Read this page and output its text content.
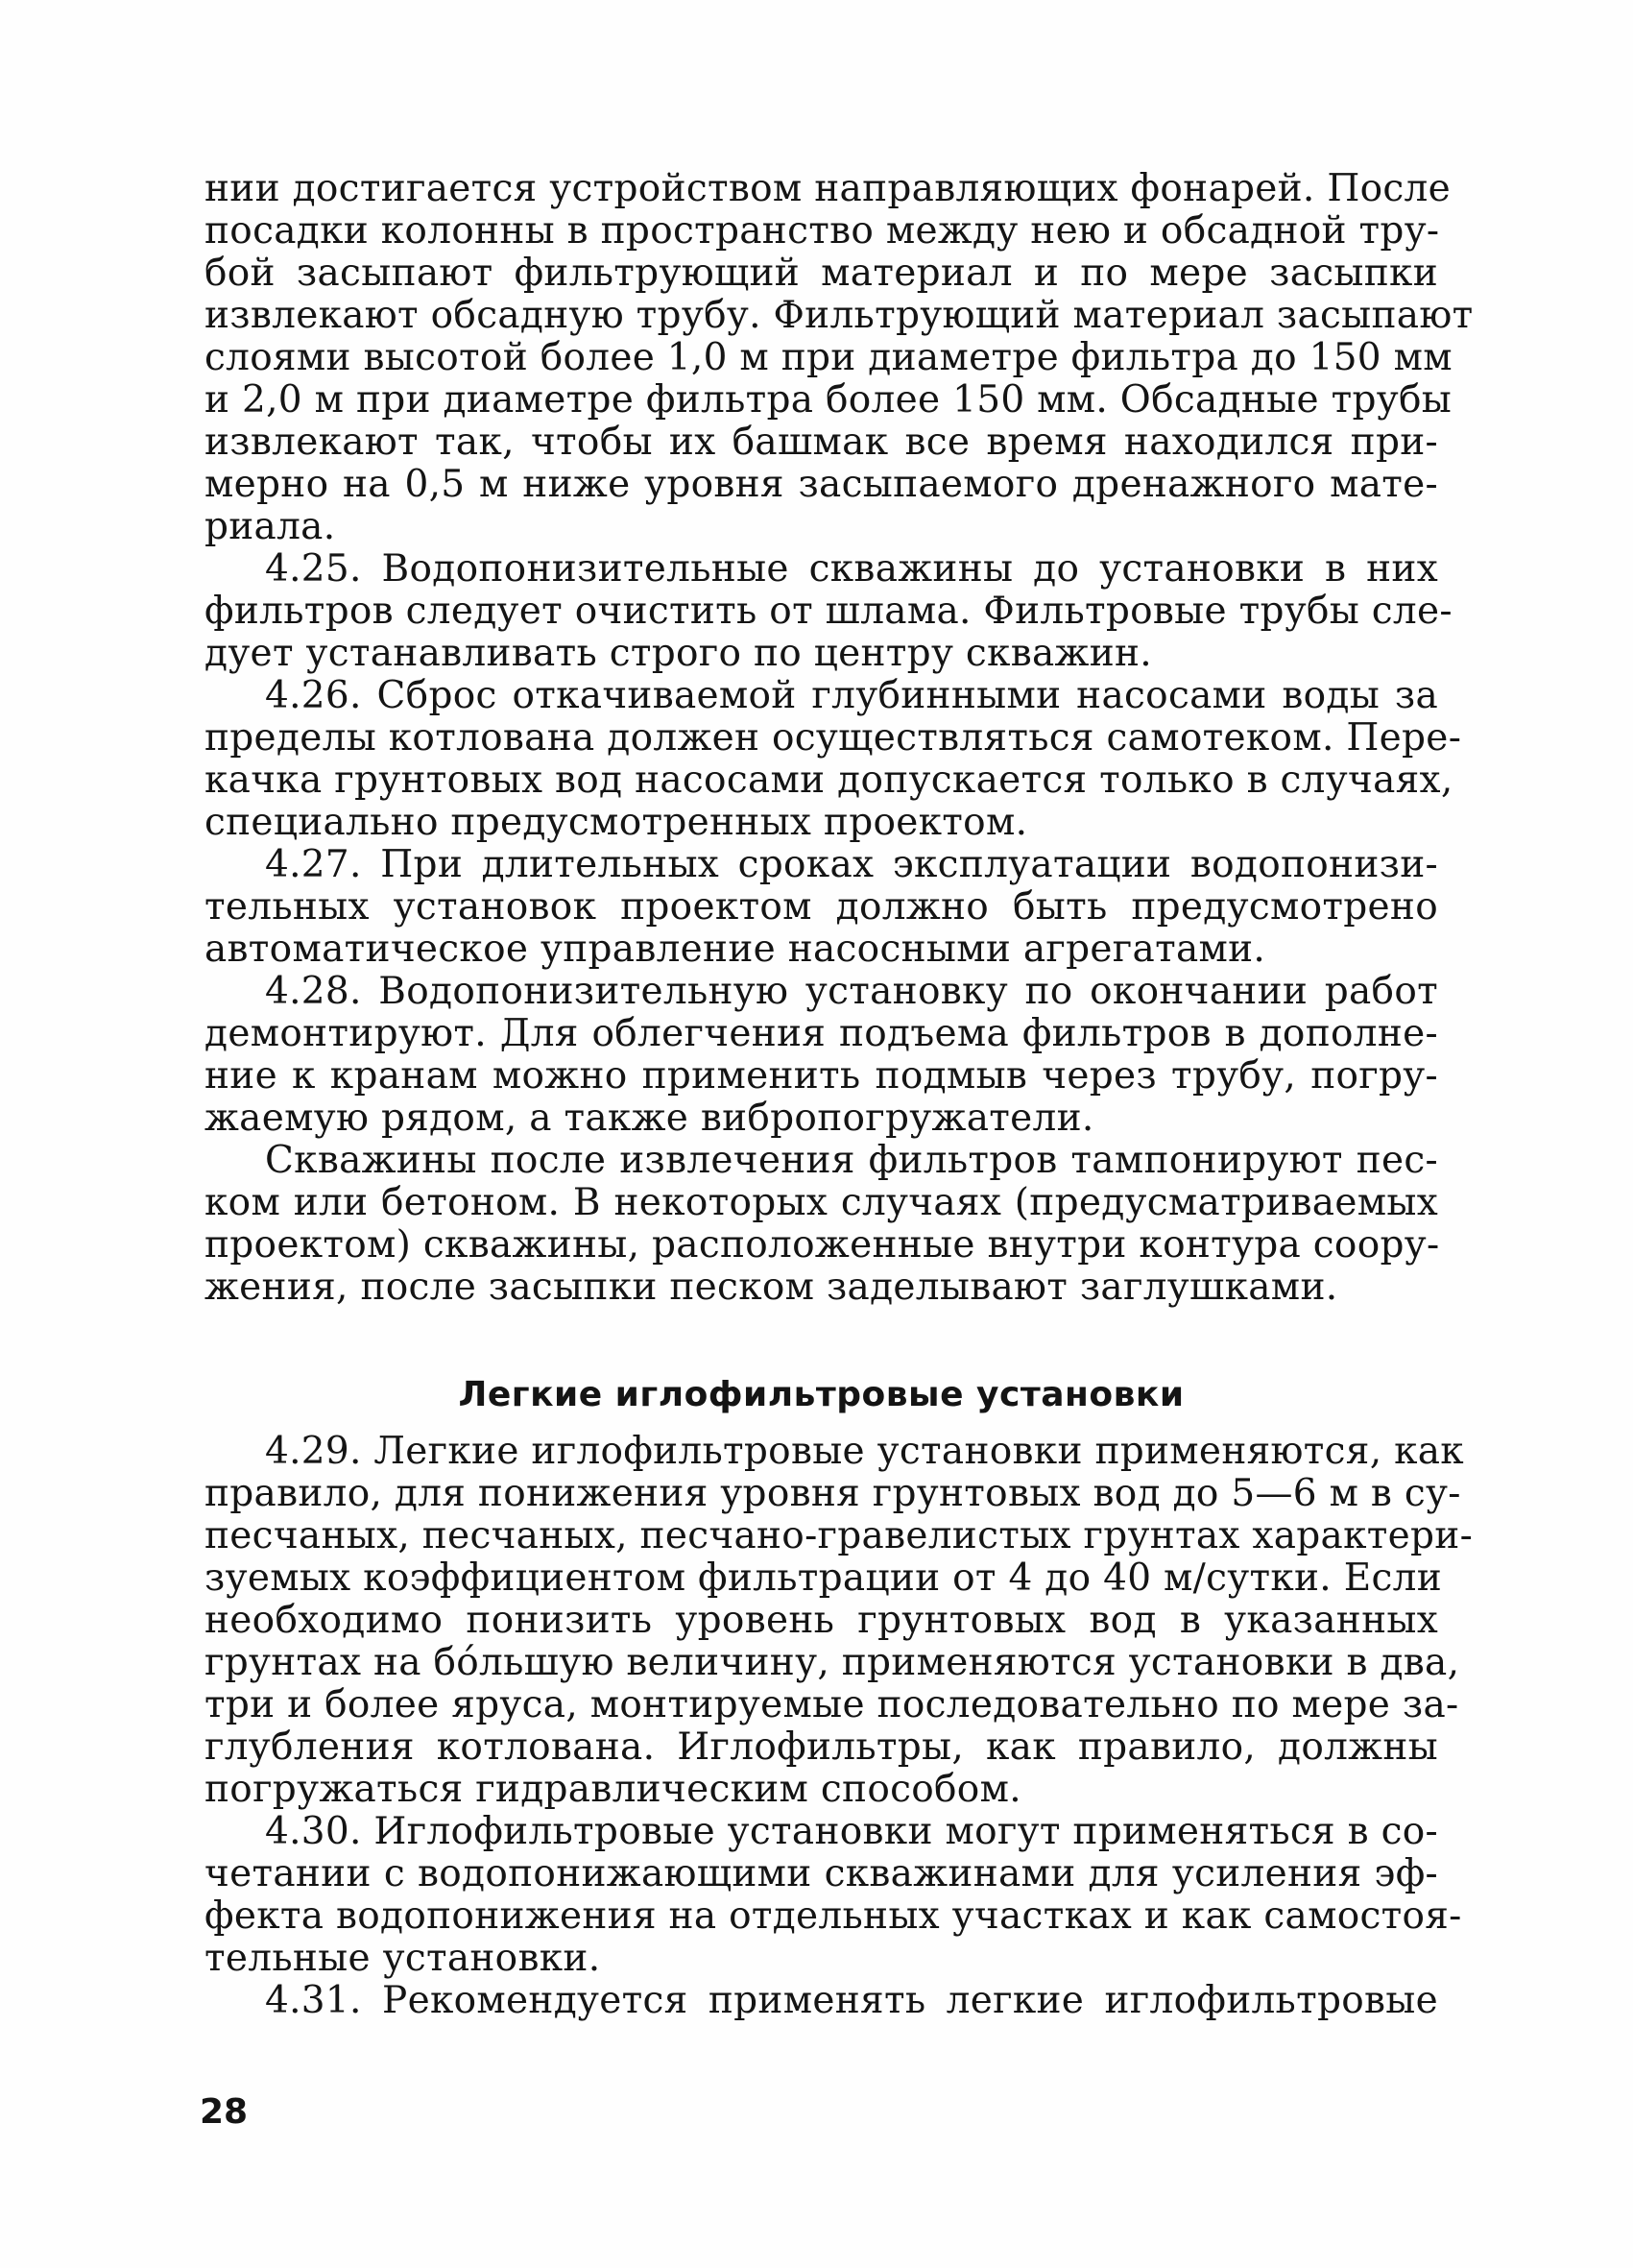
нии достигается устройством направляющих фонарей. После
посадки колонны в пространство между нею и обсадной тру-
бой засыпают фильтрующий материал и по мере засыпки
извлекают обсадную трубу. Фильтрующий материал засыпают
слоями высотой более 1,0 м при диаметре фильтра до 150 мм
и 2,0 м при диаметре фильтра более 150 мм. Обсадные трубы
извлекают так, чтобы их башмак все время находился при-
мерно на 0,5 м ниже уровня засыпаемого дренажного мате-
риала.
4.25. Водопонизительные скважины до установки в них
фильтров следует очистить от шлама. Фильтровые трубы сле-
дует устанавливать строго по центру скважин.
4.26. Сброс откачиваемой глубинными насосами воды за
пределы котлована должен осуществляться самотеком. Пере-
качка грунтовых вод насосами допускается только в случаях,
специально предусмотренных проектом.
4.27. При длительных сроках эксплуатации водопонизи-
тельных установок проектом должно быть предусмотрено
автоматическое управление насосными агрегатами.
4.28. Водопонизительную установку по окончании работ
демонтируют. Для облегчения подъема фильтров в дополне-
ние к кранам можно применить подмыв через трубу, погру-
жаемую рядом, а также вибропогружатели.
Скважины после извлечения фильтров тампонируют пес-
ком или бетоном. В некоторых случаях (предусматриваемых
проектом) скважины, расположенные внутри контура соору-
жения, после засыпки песком заделывают заглушками.
Легкие иглофильтровые установки
4.29. Легкие иглофильтровые установки применяются, как
правило, для понижения уровня грунтовых вод до 5—6 м в су-
песчаных, песчаных, песчано-гравелистых грунтах характери-
зуемых коэффициентом фильтрации от 4 до 40 м/сутки. Если
необходимо понизить уровень грунтовых вод в указанных
грунтах на бо́льшую величину, применяются установки в два,
три и более яруса, монтируемые последовательно по мере за-
глубления котлована. Иглофильтры, как правило, должны
погружаться гидравлическим способом.
4.30. Иглофильтровые установки могут применяться в со-
четании с водопонижающими скважинами для усиления эф-
фекта водопонижения на отдельных участках и как самостоя-
тельные установки.
4.31. Рекомендуется применять легкие иглофильтровые
28
